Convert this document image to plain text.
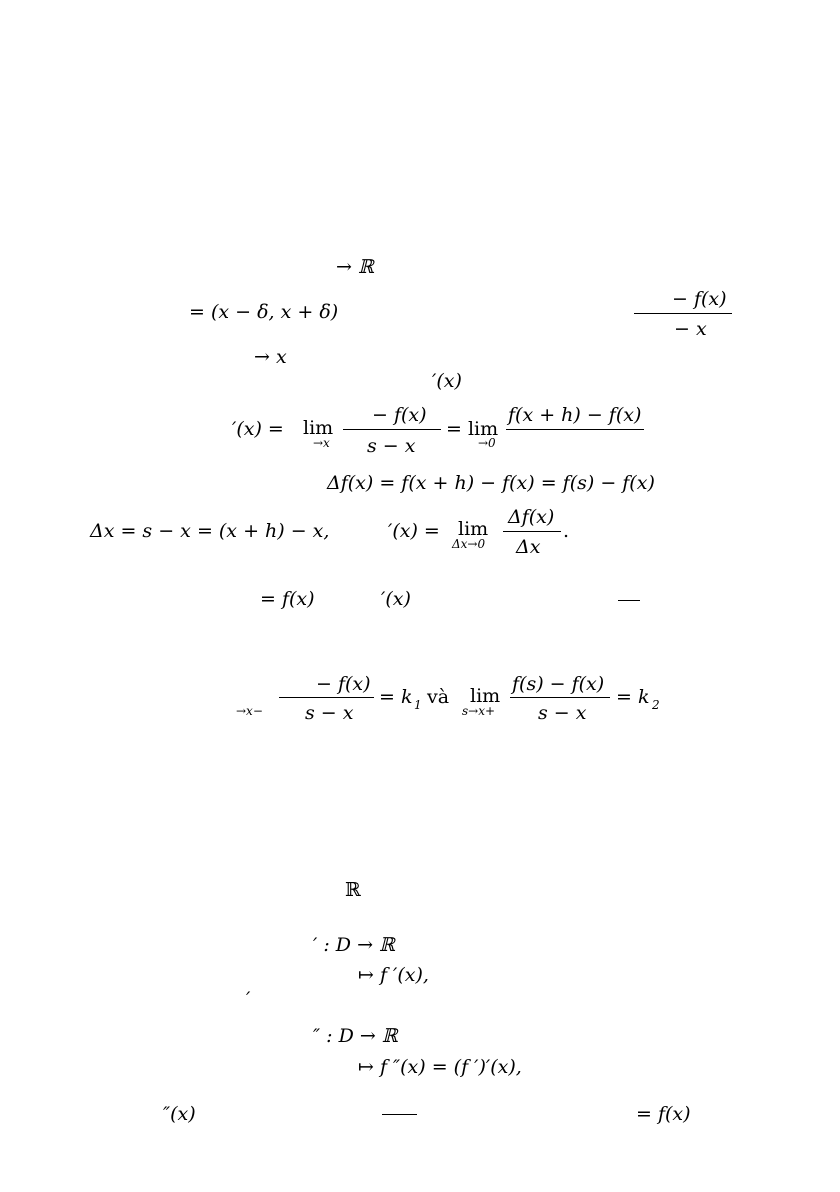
→ ℝ
= (x − δ, x + δ)
− f(x)
− x
→ x
′(x)
′(x) = lim
→x
− f(x)
s − x
= lim
→0
f(x + h) − f(x)
Δf(x) = f(x + h) − f(x) = f(s) − f(x)
Δx = s − x = (x + h) − x,	′(x) = lim
Δx→0
Δf(x)
Δx
.
= f(x)	′(x)
→x−
− f(x)
s − x
= k 1 và lim
s→x+
f(s) − f(x)
s − x
= k 2
ℝ
′ : D → ℝ
↦ f ′(x),
′
″ : D → ℝ
↦ f ″(x) = (f ′)′(x),
″(x)	= f(x)
